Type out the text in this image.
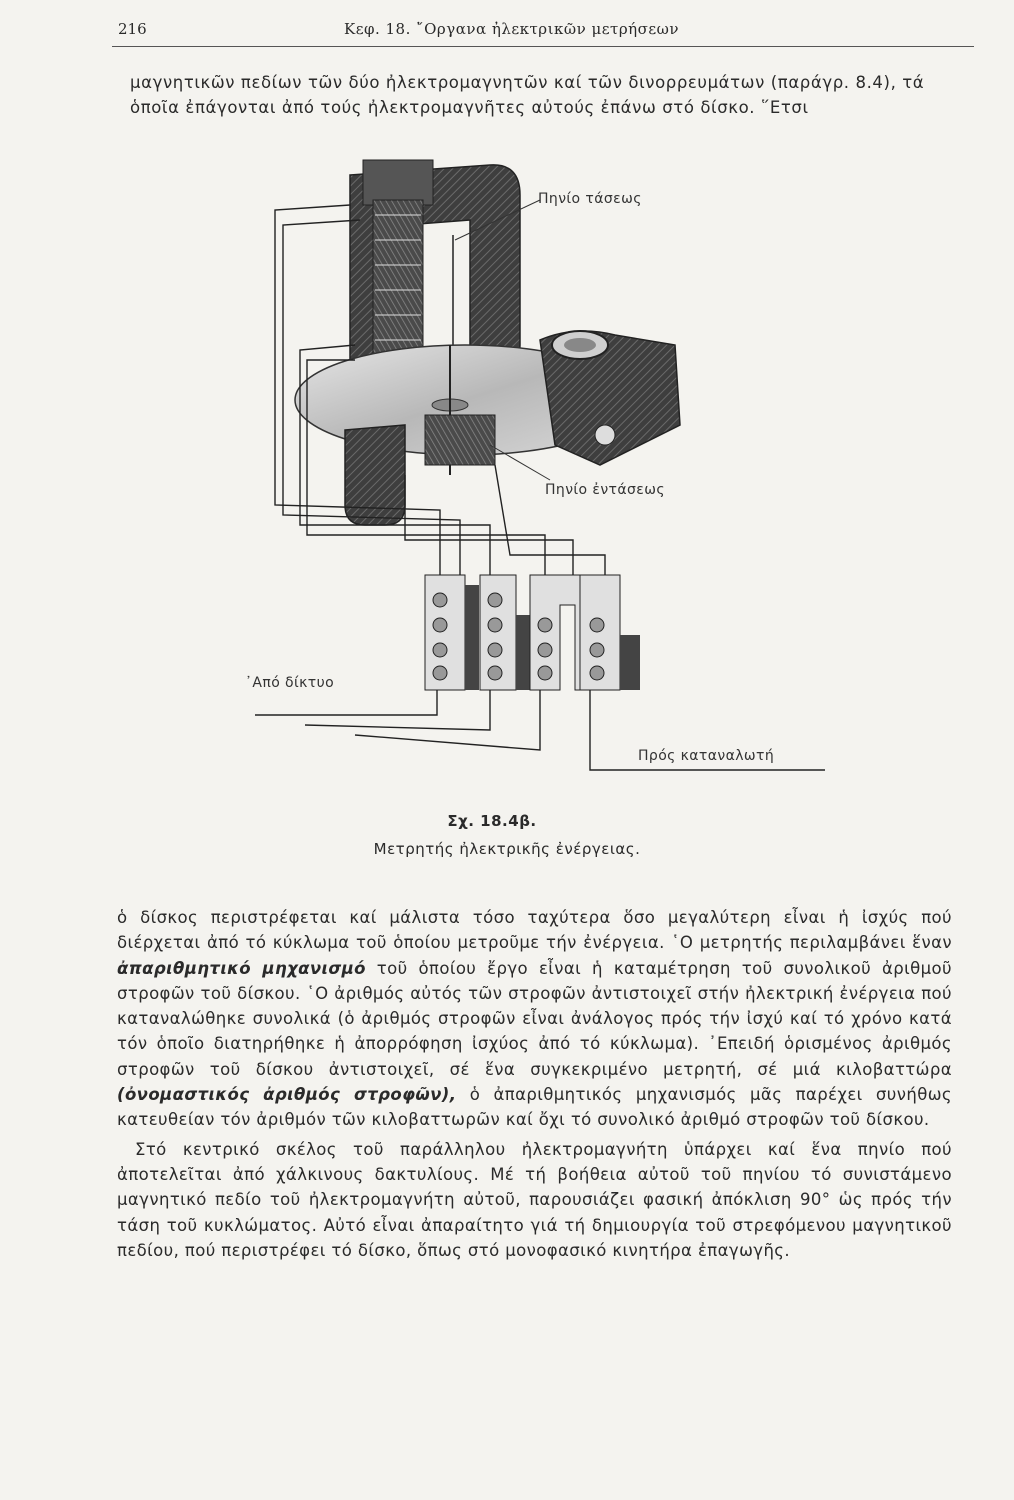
216	Κεφ. 18. ῎Οργανα ἠλεκτρικῶν μετρήσεων

μαγνητικῶν πεδίων τῶν δύο ἠλεκτρομαγνητῶν καί τῶν δινορρευμάτων (παράγρ. 8.4), τά ὁποῖα ἐπάγονται ἀπό τούς ἠλεκτρομαγνῆτες αὐτούς ἐπάνω στό δίσκο. ῞Ετσι

Πηνίο τάσεως
Πηνίο ἐντάσεως
᾽Από δίκτυο
Πρός καταναλωτή
Σχ. 18.4β.
Μετρητής ἠλεκτρικῆς ἐνέργειας.

ὁ δίσκος περιστρέφεται καί μάλιστα τόσο ταχύτερα ὅσο μεγαλύτερη εἶναι ἡ ἰσχύς πού διέρχεται ἀπό τό κύκλωμα τοῦ ὁποίου μετροῦμε τήν ἐνέργεια. ῾Ο μετρητής περιλαμβάνει ἕναν ἀπαριθμητικό μηχανισμό τοῦ ὁποίου ἔργο εἶναι ἡ καταμέτρηση τοῦ συνολικοῦ ἀριθμοῦ στροφῶν τοῦ δίσκου. ῾Ο ἀριθμός αὐτός τῶν στροφῶν ἀντιστοιχεῖ στήν ἠλεκτρική ἐνέργεια πού καταναλώθηκε συνολικά (ὁ ἀριθμός στροφῶν εἶναι ἀνάλογος πρός τήν ἰσχύ καί τό χρόνο κατά τόν ὁποῖο διατηρήθηκε ἡ ἀπορρόφηση ἰσχύος ἀπό τό κύκλωμα). ᾽Επειδή ὁρισμένος ἀριθμός στροφῶν τοῦ δίσκου ἀντιστοιχεῖ, σέ ἕνα συγκεκριμένο μετρητή, σέ μιά κιλοβαττώρα (ὀνομαστικός ἀριθμός στροφῶν), ὁ ἀπαριθμητικός μηχανισμός μᾶς παρέχει συνήθως κατευθείαν τόν ἀριθμόν τῶν κιλοβαττωρῶν καί ὄχι τό συνολικό ἀριθμό στροφῶν τοῦ δίσκου.

Στό κεντρικό σκέλος τοῦ παράλληλου ἠλεκτρομαγνήτη ὑπάρχει καί ἕνα πηνίο πού ἀποτελεῖται ἀπό χάλκινους δακτυλίους. Μέ τή βοήθεια αὐτοῦ τοῦ πηνίου τό συνιστάμενο μαγνητικό πεδίο τοῦ ἠλεκτρομαγνήτη αὐτοῦ, παρουσιάζει φασική ἀπόκλιση 90° ὡς πρός τήν τάση τοῦ κυκλώματος. Αὐτό εἶναι ἀπαραίτητο γιά τή δημιουργία τοῦ στρεφόμενου μαγνητικοῦ πεδίου, πού περιστρέφει τό δίσκο, ὅπως στό μονοφασικό κινητήρα ἐπαγωγῆς.
